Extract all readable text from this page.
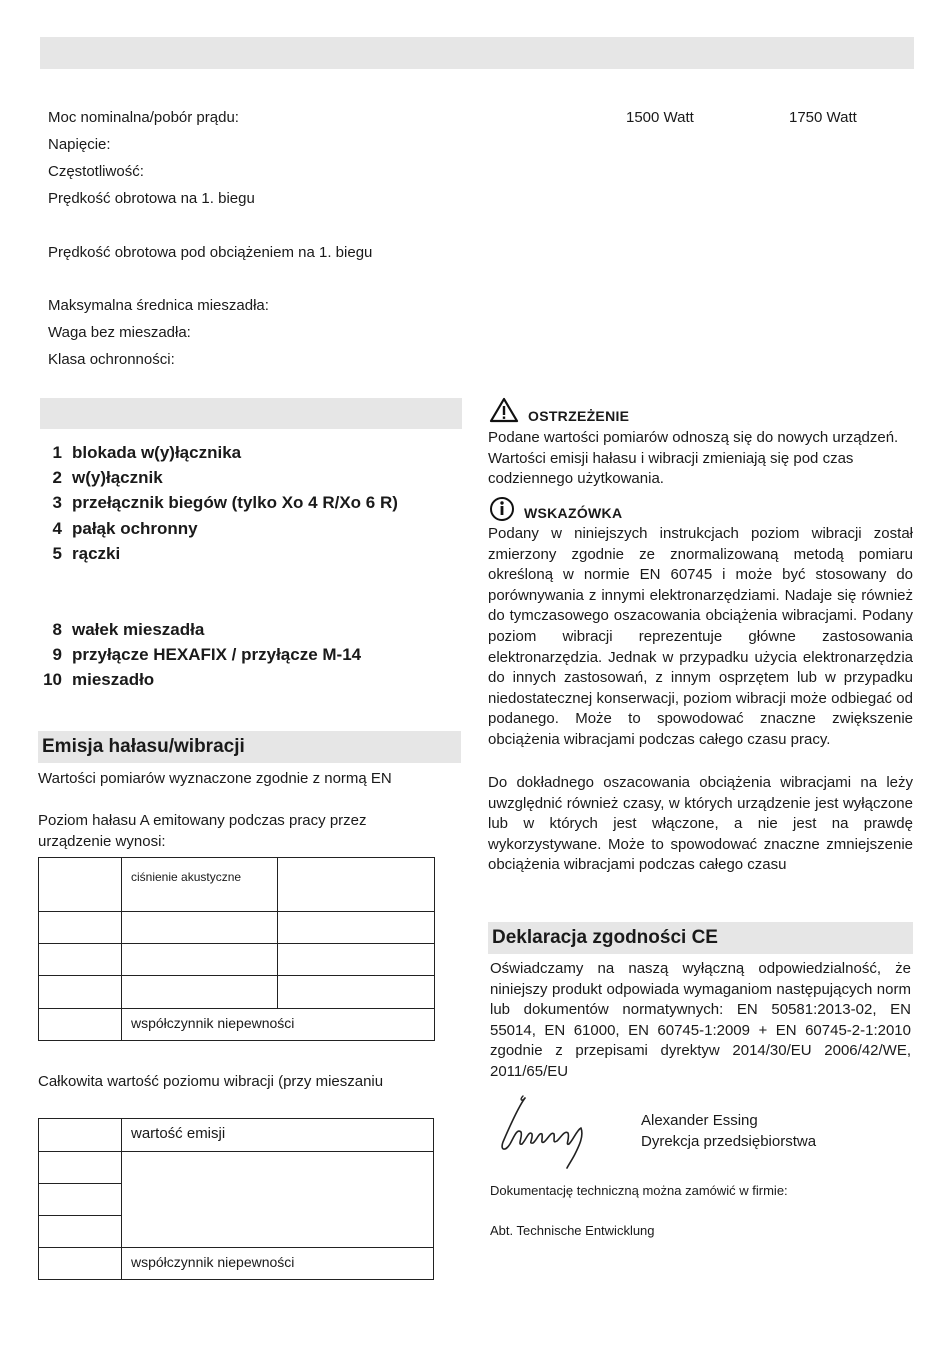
Moc nominalna/pobór prądu:	1500 Watt	1750 Watt
Napięcie:
Częstotliwość:
Prędkość obrotowa na 1. biegu
Prędkość obrotowa pod obciążeniem na 1. biegu
Maksymalna średnica mieszadła:
Waga bez mieszadła:
Klasa ochronności:
1 blokada w(y)łącznika
2 w(y)łącznik
3 przełącznik biegów (tylko Xo 4 R/Xo 6 R)
4 pałąk ochronny
5 rączki
8 wałek mieszadła
9 przyłącze HEXAFIX / przyłącze M-14
10 mieszadło
Emisja hałasu/wibracji
Wartości pomiarów wyznaczone zgodnie z normą EN
Poziom hałasu A emitowany podczas pracy przez urządzenie wynosi:

	ciśnienie akustyczne	

	współczynnik niepewności	
Całkowita wartość poziomu wibracji (przy mieszaniu

	wartość emisji

	współczynnik niepewności
OSTRZEŻENIE
Podane wartości pomiarów odnoszą się do nowych urządzeń. Wartości emisji hałasu i wibracji zmieniają się pod czas codziennego użytkowania.
WSKAZÓWKA
Podany w niniejszych instrukcjach poziom wibracji został zmierzony zgodnie ze znormalizowaną metodą pomiaru określoną w normie EN 60745 i może być stosowany do porównywania z innymi elektronarzędziami. Nadaje się również do tymczasowego oszacowania obciążenia wibracjami. Podany poziom wibracji reprezentuje główne zastosowania elektronarzędzia. Jednak w przypadku użycia elektronarzędzia do innych zastosowań, z innym osprzętem lub w przypadku niedostatecznej konserwacji, poziom wibracji może odbiegać od podanego. Może to spowodować znaczne zwiększenie obciążenia wibracjami podczas całego czasu pracy.
Do dokładnego oszacowania obciążenia wibracjami na leży uwzględnić również czasy, w których urządzenie jest wyłączone lub w których jest włączone, a nie jest na prawdę wykorzystywane. Może to spowodować znaczne zmniejszenie obciążenia wibracjami podczas całego czasu
Deklaracja zgodności CE
Oświadczamy na naszą wyłączną odpowiedzialność, że niniejszy produkt odpowiada wymaganiom następujących norm lub dokumentów normatywnych: EN 50581:2013-02, EN 55014, EN 61000, EN 60745-1:2009 + EN 60745-2-1:2010 zgodnie z przepisami dyrektyw 2014/30/EU 2006/42/WE, 2011/65/EU
Alexander Essing
Dyrekcja przedsiębiorstwa
Dokumentację techniczną można zamówić w firmie:
Abt. Technische Entwicklung
